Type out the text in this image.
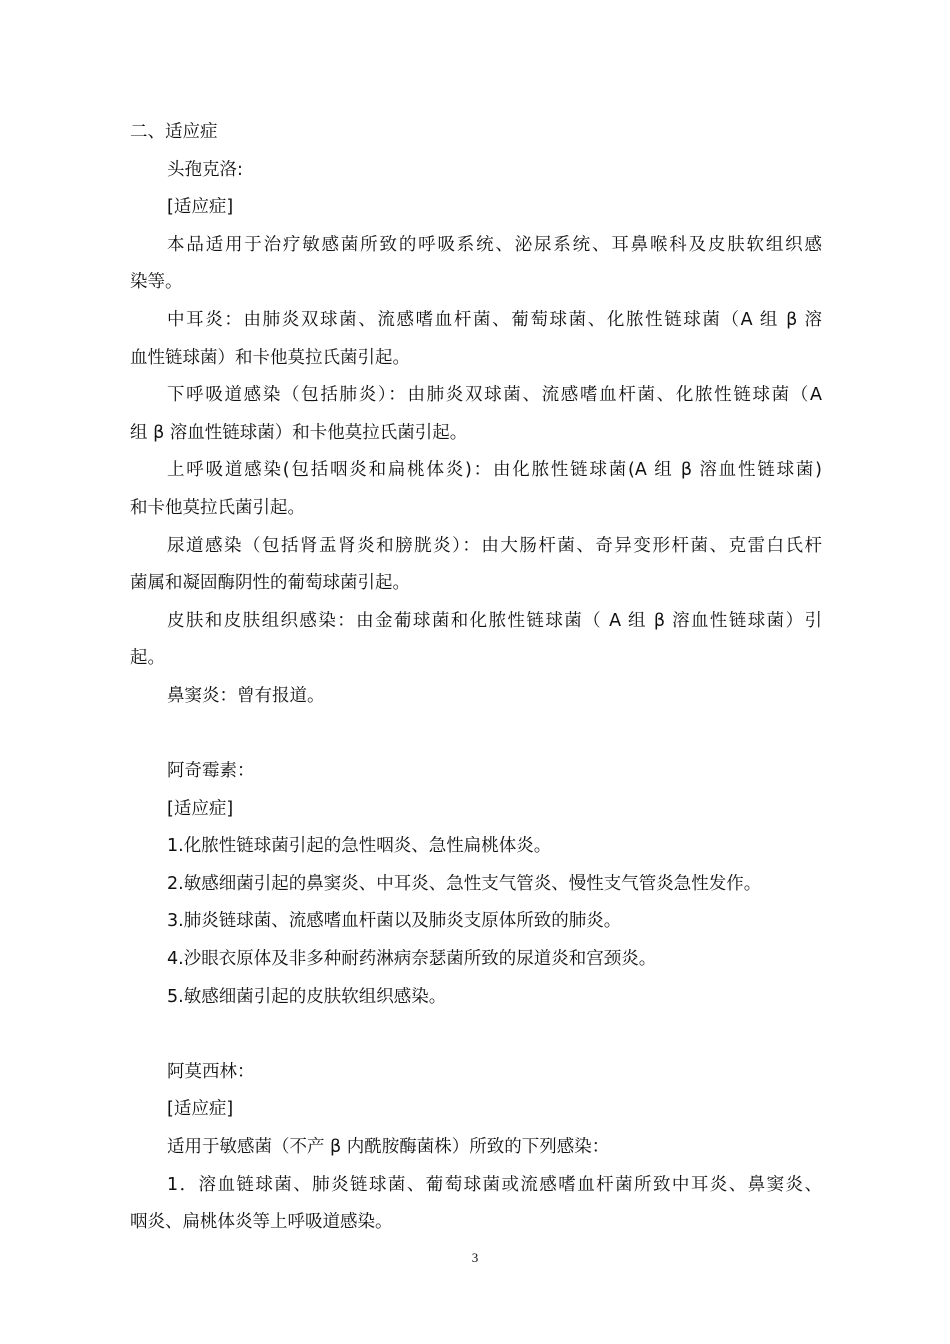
二、适应症

头孢克洛:

[适应症]

本品适用于治疗敏感菌所致的呼吸系统、泌尿系统、耳鼻喉科及皮肤软组织感

染等。

中耳炎：由肺炎双球菌、流感嗜血杆菌、葡萄球菌、化脓性链球菌（A 组 β 溶

血性链球菌）和卡他莫拉氏菌引起。

下呼吸道感染（包括肺炎）：由肺炎双球菌、流感嗜血杆菌、化脓性链球菌（A

组 β 溶血性链球菌）和卡他莫拉氏菌引起。

上呼吸道感染(包括咽炎和扁桃体炎)：由化脓性链球菌(A 组 β 溶血性链球菌)

和卡他莫拉氏菌引起。

尿道感染（包括肾盂肾炎和膀胱炎）：由大肠杆菌、奇异变形杆菌、克雷白氏杆

菌属和凝固酶阴性的葡萄球菌引起。

皮肤和皮肤组织感染：由金葡球菌和化脓性链球菌（ A 组 β 溶血性链球菌）引

起。

鼻窦炎：曾有报道。

阿奇霉素：

[适应症]

1.化脓性链球菌引起的急性咽炎、急性扁桃体炎。

2.敏感细菌引起的鼻窦炎、中耳炎、急性支气管炎、慢性支气管炎急性发作。

3.肺炎链球菌、流感嗜血杆菌以及肺炎支原体所致的肺炎。

4.沙眼衣原体及非多种耐药淋病奈瑟菌所致的尿道炎和宫颈炎。

5.敏感细菌引起的皮肤软组织感染。

阿莫西林：

[适应症]

适用于敏感菌（不产 β 内酰胺酶菌株）所致的下列感染：

1．溶血链球菌、肺炎链球菌、葡萄球菌或流感嗜血杆菌所致中耳炎、鼻窦炎、

咽炎、扁桃体炎等上呼吸道感染。

3
